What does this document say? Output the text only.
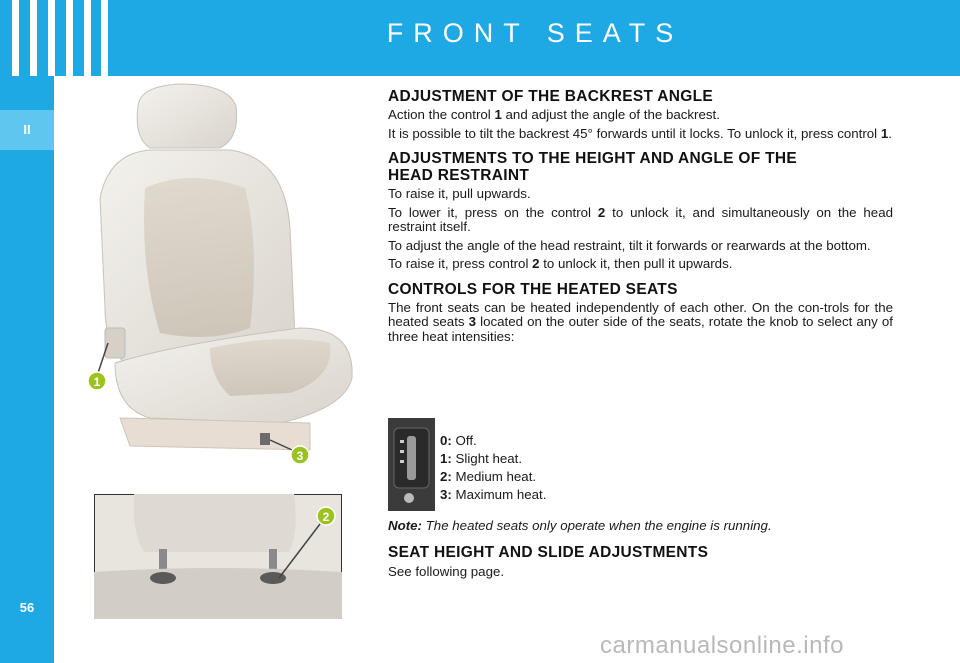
FRONT SEATS
II
56
1
3
2
ADJUSTMENT OF THE BACKREST ANGLE

Action the control 1 and adjust the angle of the backrest.

It is possible to tilt the backrest 45° forwards until it locks. To unlock it, press control 1.

ADJUSTMENTS TO THE HEIGHT AND ANGLE OF THE HEAD RESTRAINT

To raise it, pull upwards.

To lower it, press on the control 2 to unlock it, and simultaneously on the head restraint itself.

To adjust the angle of the head restraint, tilt it forwards or rearwards at the bottom.

To raise it, press control 2 to unlock it, then pull it upwards.

CONTROLS FOR THE HEATED SEATS

The front seats can be heated independently of each other. On the con-trols for the heated seats 3 located on the outer side of the seats, rotate the knob to select any of three heat intensities:

0: Off.
1: Slight heat.
2: Medium heat.
3: Maximum heat.
Note: The heated seats only operate when the engine is running.
SEAT HEIGHT AND SLIDE ADJUSTMENTS

See following page.

carmanualsonline.info
